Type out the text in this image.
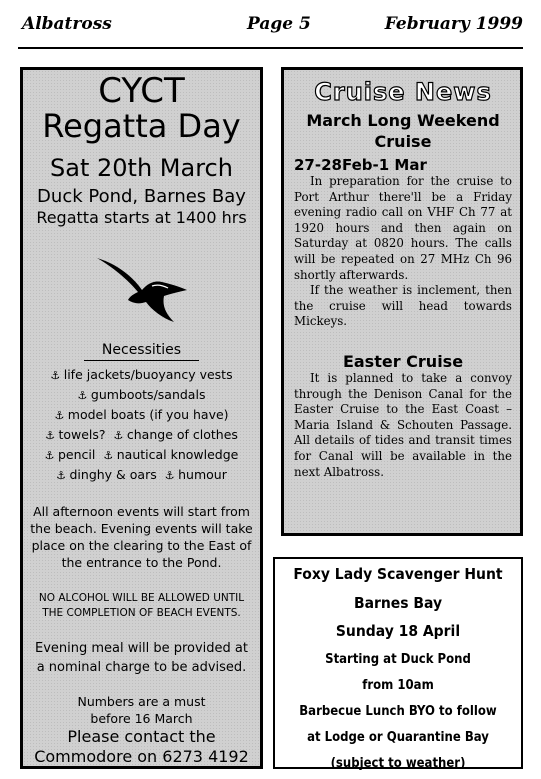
Albatross	Page 5	February 1999
CYCT
Regatta Day
Sat 20th March
Duck Pond, Barnes Bay
Regatta starts at 1400 hrs
Necessities
⚓ life jackets/buoyancy vests
⚓ gumboots/sandals
⚓ model boats (if you have)
⚓ towels? ⚓ change of clothes
⚓ pencil ⚓ nautical knowledge
⚓ dinghy & oars ⚓ humour
All afternoon events will start from the beach. Evening events will take place on the clearing to the East of the entrance to the Pond.
NO ALCOHOL WILL BE ALLOWED UNTIL THE COMPLETION OF BEACH EVENTS.
Evening meal will be provided at a nominal charge to be advised.
Numbers are a must
before 16 March
Please contact the
Commodore on 6273 4192
Cruise News
March Long Weekend
Cruise
27-28Feb-1 Mar

In preparation for the cruise to Port Arthur there'll be a Friday evening radio call on VHF Ch 77 at 1920 hours and then again on Saturday at 0820 hours. The calls will be repeated on 27 MHz Ch 96 shortly afterwards.

If the weather is inclement, then the cruise will head towards Mickeys.

Easter Cruise

It is planned to take a convoy through the Denison Canal for the Easter Cruise to the East Coast – Maria Island & Schouten Passage. All details of tides and transit times for Canal will be available in the next Albatross.

Foxy Lady Scavenger Hunt
Barnes Bay
Sunday 18 April
Starting at Duck Pond
from 10am
Barbecue Lunch BYO to follow
at Lodge or Quarantine Bay
(subject to weather)
